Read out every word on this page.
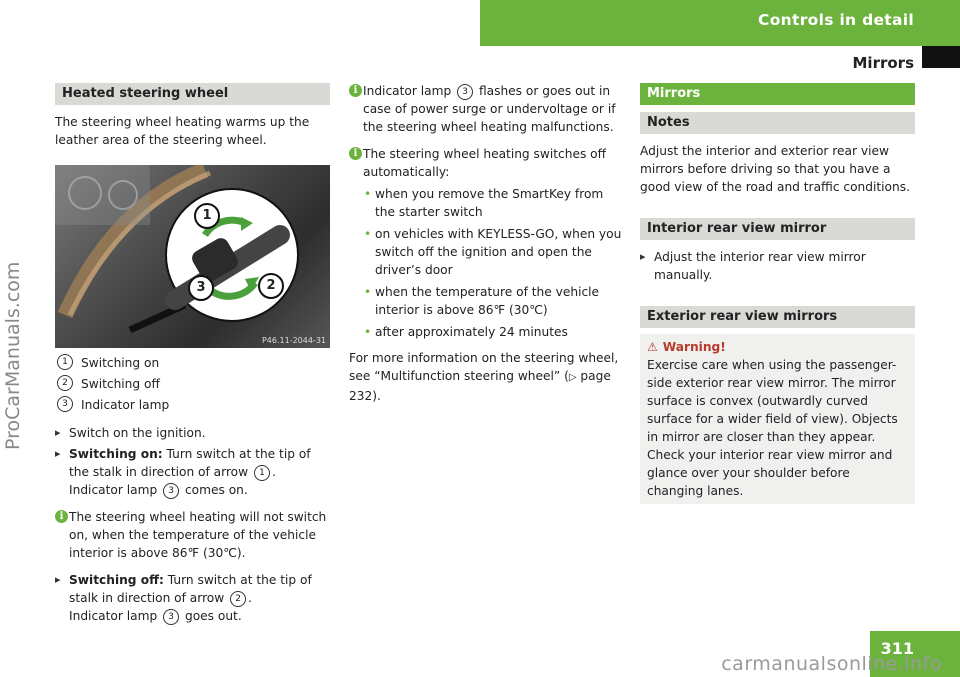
Controls in detail
Mirrors
ProCarManuals.com
Heated steering wheel

The steering wheel heating warms up the leather area of the steering wheel.

1
2
3
P46.11-2044-31
1	Switching on
2	Switching off
3	Indicator lamp

▸ Switch on the ignition.

▸ Switching on: Turn switch at the tip of the stalk in direction of arrow 1 .
Indicator lamp 3 comes on.

i The steering wheel heating will not switch on, when the temperature of the vehicle interior is above 86℉ (30℃).

▸ Switching off: Turn switch at the tip of stalk in direction of arrow 2 .
Indicator lamp 3 goes out.

i Indicator lamp 3 flashes or goes out in case of power surge or undervoltage or if the steering wheel heating malfunctions.

i The steering wheel heating switches off automatically:

• when you remove the SmartKey from the starter switch

• on vehicles with KEYLESS-GO, when you switch off the ignition and open the driver’s door

• when the temperature of the vehicle interior is above 86℉ (30℃)

• after approximately 24 minutes

For more information on the steering wheel, see “Multifunction steering wheel” (▷ page 232).

Mirrors
Notes

Adjust the interior and exterior rear view mirrors before driving so that you have a good view of the road and traffic conditions.

Interior rear view mirror

▸ Adjust the interior rear view mirror manually.

Exterior rear view mirrors

⚠ Warning!

Exercise care when using the passenger-side exterior rear view mirror. The mirror surface is convex (outwardly curved surface for a wider field of view). Objects in mirror are closer than they appear. Check your interior rear view mirror and glance over your shoulder before changing lanes.

311
carmanualsonline.info
